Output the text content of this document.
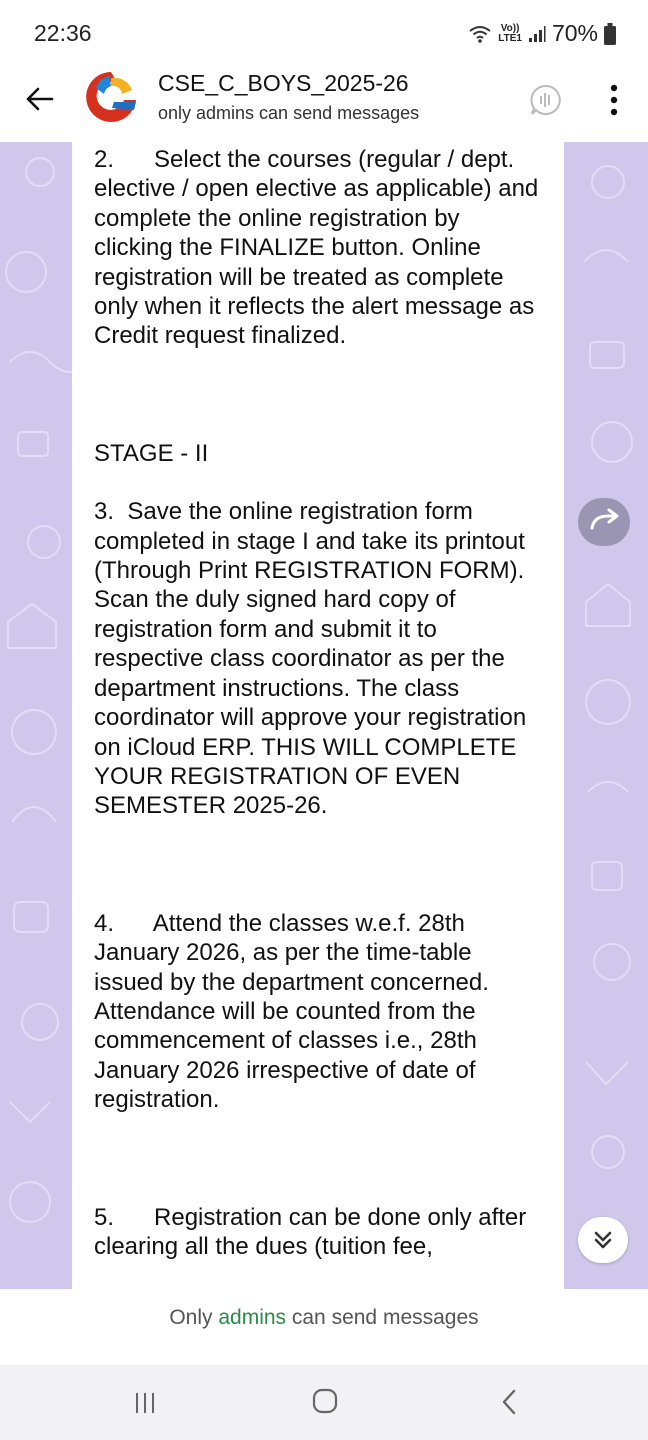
22:36	Vo))
LTE1 70%
CSE_C_BOYS_2025-26
only admins can send messages
2. Select the courses (regular / dept. elective / open elective as applicable) and complete the online registration by clicking the FINALIZE button. Online registration will be treated as complete only when it reflects the alert message as Credit request finalized.
STAGE - II
3. Save the online registration form completed in stage I and take its printout (Through Print REGISTRATION FORM). Scan the duly signed hard copy of registration form and submit it to respective class coordinator as per the department instructions. The class coordinator will approve your registration on iCloud ERP. THIS WILL COMPLETE YOUR REGISTRATION OF EVEN SEMESTER 2025-26.
4. Attend the classes w.e.f. 28th January 2026, as per the time-table issued by the department concerned. Attendance will be counted from the commencement of classes i.e., 28th January 2026 irrespective of date of registration.
5. Registration can be done only after clearing all the dues (tuition fee,
Only admins can send messages
